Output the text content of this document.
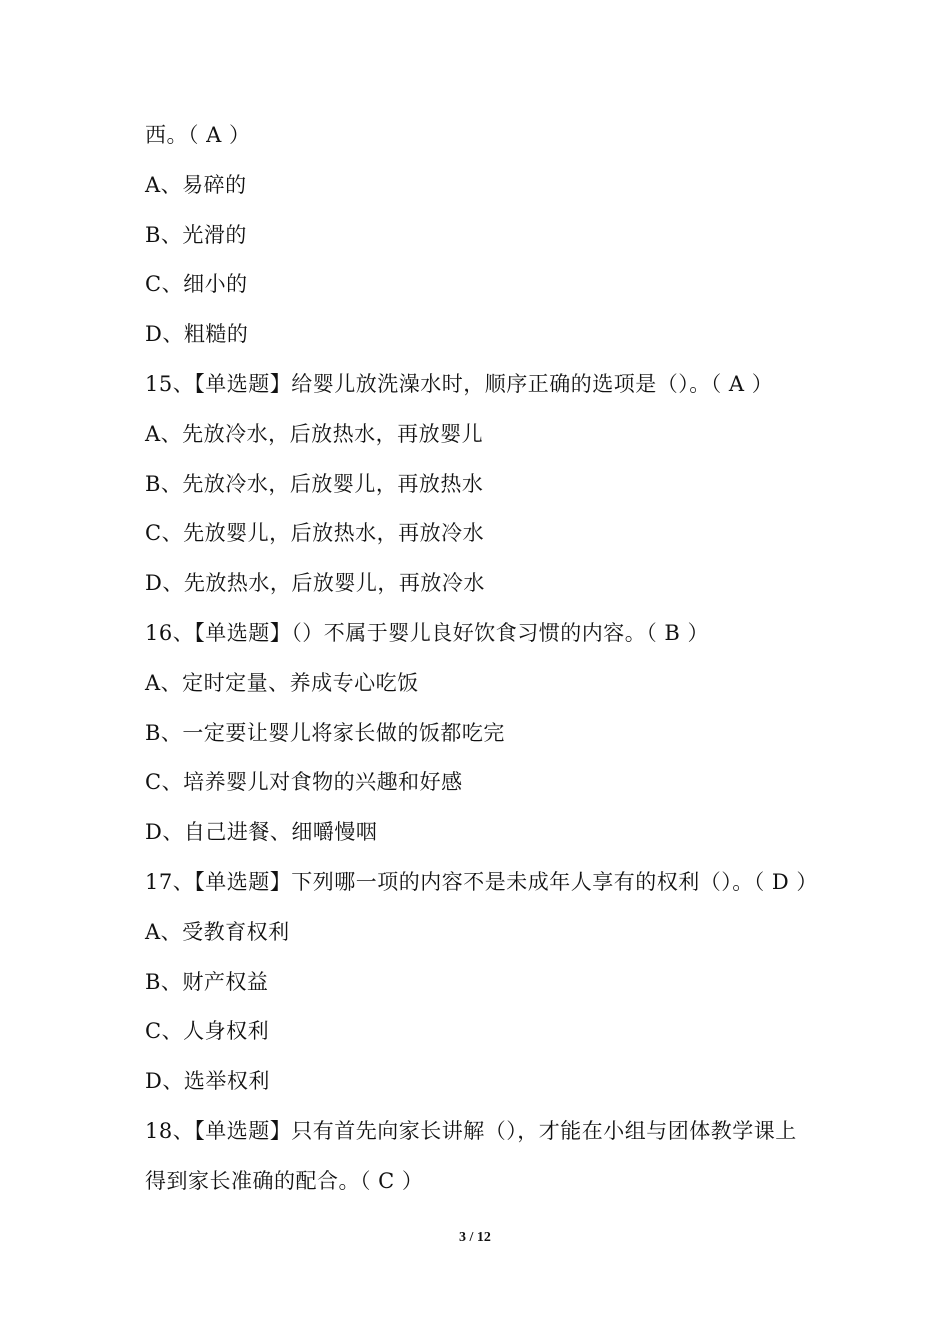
西。（ A ）
A、易碎的
B、光滑的
C、细小的
D、粗糙的
15、【单选题】给婴儿放洗澡水时，顺序正确的选项是（）。（ A ）
A、先放冷水，后放热水，再放婴儿
B、先放冷水，后放婴儿，再放热水
C、先放婴儿，后放热水，再放冷水
D、先放热水，后放婴儿，再放冷水
16、【单选题】（）不属于婴儿良好饮食习惯的内容。（ B ）
A、定时定量、养成专心吃饭
B、一定要让婴儿将家长做的饭都吃完
C、培养婴儿对食物的兴趣和好感
D、自己进餐、细嚼慢咽
17、【单选题】下列哪一项的内容不是未成年人享有的权利（）。（ D ）
A、受教育权利
B、财产权益
C、人身权利
D、选举权利
18、【单选题】只有首先向家长讲解（），才能在小组与团体教学课上
得到家长准确的配合。（ C ）
3 / 12
